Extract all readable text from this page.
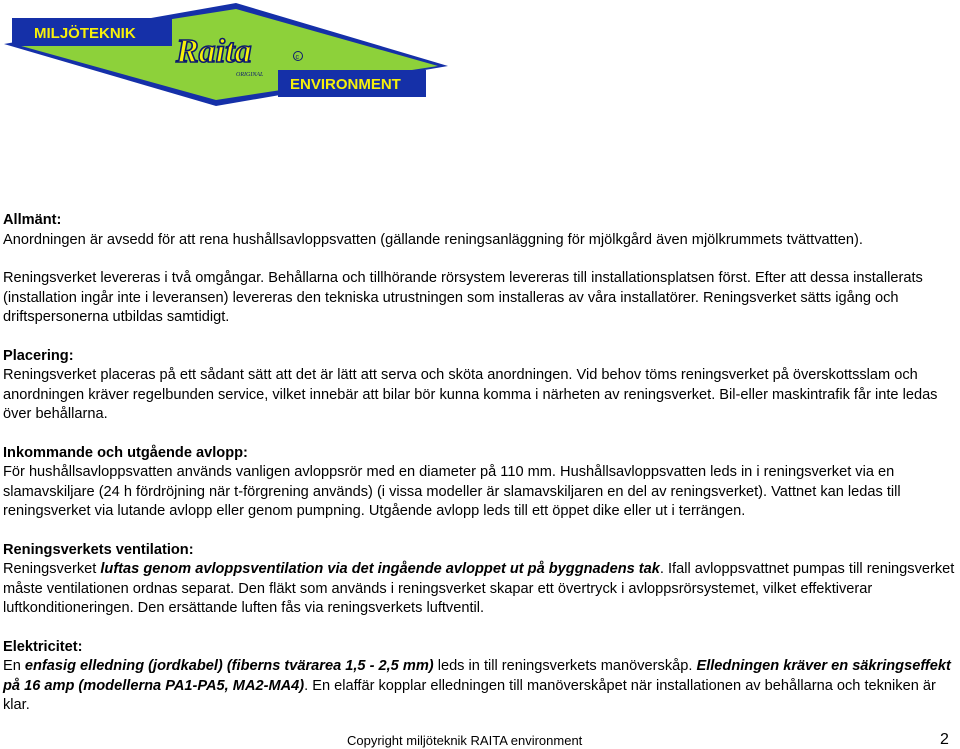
MILJÖTEKNIK Raita
ORIGINAL
c
ENVIRONMENT

Allmänt:

Anordningen är avsedd för att rena hushållsavloppsvatten (gällande reningsanläggning för mjölkgård även mjölkrummets tvättvatten).

Reningsverket levereras i två omgångar. Behållarna och tillhörande rörsystem levereras till installationsplatsen först. Efter att dessa installerats (installation ingår inte i leveransen) levereras den tekniska utrustningen som installeras av våra installatörer. Reningsverket sätts igång och driftspersonerna utbildas samtidigt.

Placering:

Reningsverket placeras på ett sådant sätt att det är lätt att serva och sköta anordningen. Vid behov töms reningsverket på överskottsslam och anordningen kräver regelbunden service, vilket innebär att bilar bör kunna komma i närheten av reningsverket. Bil-eller maskintrafik får inte ledas över behållarna.

Inkommande och utgående avlopp:

För hushållsavloppsvatten används vanligen avloppsrör med en diameter på 110 mm. Hushållsavloppsvatten leds in i reningsverket via en slamavskiljare (24 h fördröjning när t-förgrening används) (i vissa modeller är slamavskiljaren en del av reningsverket). Vattnet kan ledas till reningsverket via lutande avlopp eller genom pumpning. Utgående avlopp leds till ett öppet dike eller ut i terrängen.

Reningsverkets ventilation:

Reningsverket luftas genom avloppsventilation via det ingående avloppet ut på byggnadens tak. Ifall avloppsvattnet pumpas till reningsverket måste ventilationen ordnas separat. Den fläkt som används i reningsverket skapar ett övertryck i avloppsrörsystemet, vilket effektiverar luftkonditioneringen. Den ersättande luften fås via reningsverkets luftventil.

Elektricitet:

En enfasig elledning (jordkabel) (fiberns tvärarea 1,5 - 2,5 mm) leds in till reningsverkets manöverskåp. Elledningen kräver en säkringseffekt på 16 amp (modellerna PA1-PA5, MA2-MA4). En elaffär kopplar elledningen till manöverskåpet när installationen av behållarna och tekniken är klar.

Copyright miljöteknik RAITA environment	2
